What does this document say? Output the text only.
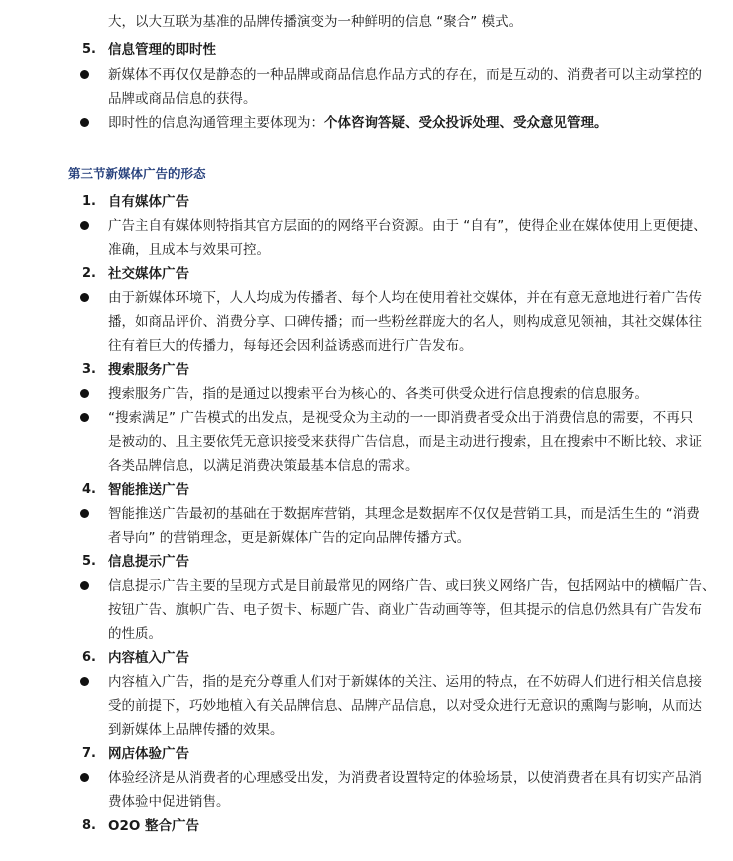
大，以大互联为基准的品牌传播演变为一种鲜明的信息 “聚合” 模式。
5. 信息管理的即时性
新媒体不再仅仅是静态的一种品牌或商品信息作品方式的存在，而是互动的、消费者可以主动掌控的
品牌或商品信息的获得。
即时性的信息沟通管理主要体现为：个体咨询答疑、受众投诉处理、受众意见管理。
第三节新媒体广告的形态
1. 自有媒体广告
广告主自有媒体则特指其官方层面的的网络平台资源。由于 “自有”，使得企业在媒体使用上更便捷、
准确，且成本与效果可控。
2. 社交媒体广告
由于新媒体环境下，人人均成为传播者、每个人均在使用着社交媒体，并在有意无意地进行着广告传
播，如商品评价、消费分享、口碑传播；而一些粉丝群庞大的名人，则构成意见领袖，其社交媒体往
往有着巨大的传播力，每每还会因利益诱惑而进行广告发布。
3. 搜索服务广告
搜索服务广告，指的是通过以搜索平台为核心的、各类可供受众进行信息搜索的信息服务。
“搜索满足” 广告模式的出发点，是视受众为主动的一一即消费者受众出于消费信息的需要，不再只
是被动的、且主要依凭无意识接受来获得广告信息，而是主动进行搜索，且在搜索中不断比较、求证
各类品牌信息，以满足消费决策最基本信息的需求。
4. 智能推送广告
智能推送广告最初的基础在于数据库营销，其理念是数据库不仅仅是营销工具，而是活生生的 “消费
者导向” 的营销理念，更是新媒体广告的定向品牌传播方式。
5. 信息提示广告
信息提示广告主要的呈现方式是目前最常见的网络广告、或曰狭义网络广告，包括网站中的横幅广告、
按钮广告、旗帜广告、电子贺卡、标题广告、商业广告动画等等，但其提示的信息仍然具有广告发布
的性质。
6. 内容植入广告
内容植入广告，指的是充分尊重人们对于新媒体的关注、运用的特点，在不妨碍人们进行相关信息接
受的前提下，巧妙地植入有关品牌信息、品牌产品信息，以对受众进行无意识的熏陶与影响，从而达
到新媒体上品牌传播的效果。
7. 网店体验广告
体验经济是从消费者的心理感受出发，为消费者设置特定的体验场景，以使消费者在具有切实产品消
费体验中促进销售。
8. O2O 整合广告
